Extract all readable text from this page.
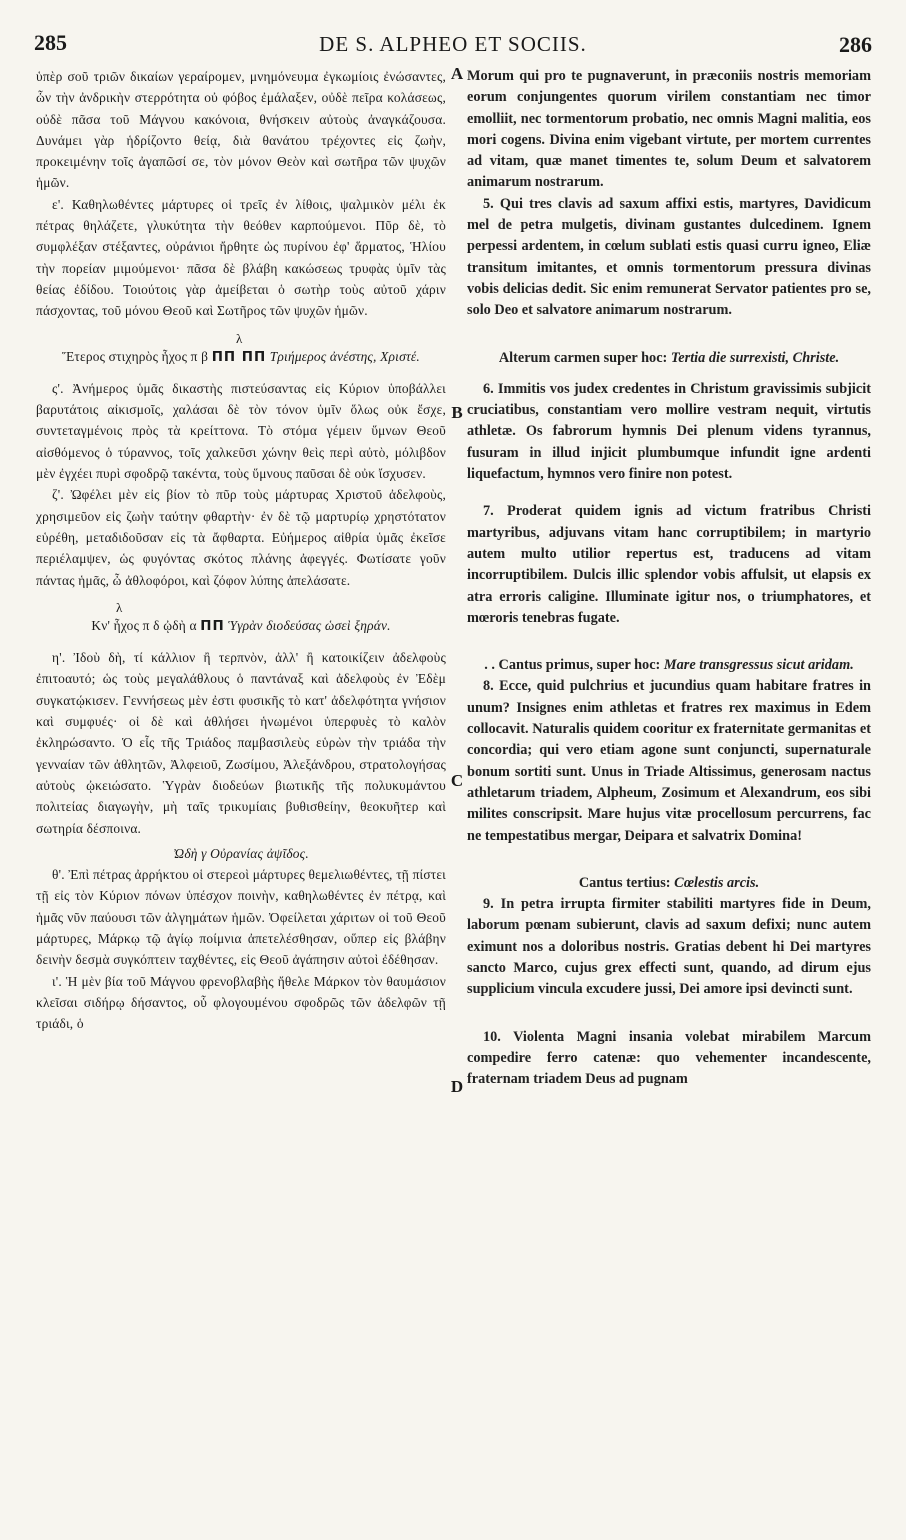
285	DE S. ALPHEO ET SOCIIS.	286
A
B
C
D

ὑπὲρ σοῦ τριῶν δικαίων γεραίρομεν, μνημόνευμα ἐγκωμίοις ἐνώσαντες, ὧν τὴν ἀνδρικὴν στερρότητα οὐ φόβος ἐμάλαξεν, οὐδὲ πεῖρα κολάσεως, οὐδὲ πᾶσα τοῦ Μάγνου κακόνοια, θνήσκειν αὐτοὺς ἀναγκάζουσα. Δυνάμει γὰρ ἡδρίζοντο θείᾳ, διὰ θανάτου τρέχοντες εἰς ζωὴν, προκειμένην τοῖς ἀγαπῶσί σε, τὸν μόνον Θεὸν καὶ σωτῆρα τῶν ψυχῶν ἡμῶν.

ε'. Καθηλωθέντες μάρτυρες οἱ τρεῖς ἐν λίθοις, ψαλμικὸν μέλι ἐκ πέτρας θηλάζετε, γλυκύτητα τὴν θεόθεν καρπούμενοι. Πῦρ δὲ, τὸ συμφλέξαν στέξαντες, οὐράνιοι ἤρθητε ὡς πυρίνου ἐφ' ἅρματος, Ἡλίου τὴν πορείαν μιμούμενοι· πᾶσα δὲ βλάβη κακώσεως τρυφὰς ὑμῖν τὰς θείας ἐδίδου. Τοιούτοις γὰρ ἀμείβεται ὁ σωτὴρ τοὺς αὐτοῦ χάριν πάσχοντας, τοῦ μόνου Θεοῦ καὶ Σωτῆρος τῶν ψυχῶν ἡμῶν.

λ

Ἕτερος στιχηρὸς ἦχος π β ΠΠ ΠΠ Τριήμερος ἀνέστης, Χριστέ.

ς'. Ἀνήμερος ὑμᾶς δικαστὴς πιστεύσαντας εἰς Κύριον ὑποβάλλει βαρυτάτοις αἰκισμοῖς, χαλάσαι δὲ τὸν τόνον ὑμῖν ὅλως οὐκ ἔσχε, συντεταγμένοις πρὸς τὰ κρείττονα. Τὸ στόμα γέμειν ὕμνων Θεοῦ αἰσθόμενος ὁ τύραννος, τοῖς χαλκεῦσι χώνην θεὶς περὶ αὐτὸ, μόλιβδον μὲν ἐγχέει πυρὶ σφοδρῷ τακέντα, τοὺς ὕμνους παῦσαι δὲ οὐκ ἴσχυσεν.

ζ'. Ὠφέλει μὲν εἰς βίον τὸ πῦρ τοὺς μάρτυρας Χριστοῦ ἀδελφοὺς, χρησιμεῦον εἰς ζωὴν ταύτην φθαρτὴν· ἐν δὲ τῷ μαρτυρίῳ χρηστότατον εὑρέθη, μεταδιδοῦσαν εἰς τὰ ἄφθαρτα. Εὐήμερος αἰθρία ὑμᾶς ἐκεῖσε περιέλαμψεν, ὡς φυγόντας σκότος πλάνης ἀφεγγές. Φωτίσατε γοῦν πάντας ἡμᾶς, ὦ ἀθλοφόροι, καὶ ζόφον λύπης ἀπελάσατε.

λ

Κν' ἦχος π δ ᾠδὴ α ΠΠ Ὑγρὰν διοδεύσας ὡσεὶ ξηράν.

η'. Ἰδοὺ δὴ, τί κάλλιον ἢ τερπνὸν, ἀλλ' ἢ κατοικίζειν ἀδελφοὺς ἐπιτοαυτό; ὡς τοὺς μεγαλάθλους ὁ παντάναξ καὶ ἀδελφοὺς ἐν Ἐδὲμ συγκατῴκισεν. Γεννήσεως μὲν ἐστι φυσικῆς τὸ κατ' ἀδελφότητα γνήσιον καὶ συμφυές· οἱ δὲ καὶ ἀθλήσει ἡνωμένοι ὑπερφυὲς τὸ καλὸν ἐκληρώσαντο. Ὁ εἷς τῆς Τριάδος παμβασιλεὺς εὑρὼν τὴν τριάδα τὴν γενναίαν τῶν ἀθλητῶν, Ἀλφειοῦ, Ζωσίμου, Ἀλεξάνδρου, στρατολογήσας αὐτοὺς ᾠκειώσατο. Ὑγρὰν διοδεύων βιωτικῆς τῆς πολυκυμάντου πολιτείας διαγωγὴν, μὴ ταῖς τρικυμίαις βυθισθείην, θεοκυῆτερ καὶ σωτηρία δέσποινα.

Ὠδὴ γ Οὐρανίας ἀψῖδος.

θ'. Ἐπὶ πέτρας ἀρρήκτου οἱ στερεοὶ μάρτυρες θεμελιωθέντες, τῇ πίστει τῇ εἰς τὸν Κύριον πόνων ὑπέσχον ποινὴν, καθηλωθέντες ἐν πέτρᾳ, καὶ ἡμᾶς νῦν παύουσι τῶν ἀλγημάτων ἡμῶν. Ὀφείλεται χάριτων οἱ τοῦ Θεοῦ μάρτυρες, Μάρκῳ τῷ ἁγίῳ ποίμνια ἀπετελέσθησαν, οὕπερ εἰς βλάβην δεινὴν δεσμὰ συγκόπτειν ταχθέντες, εἰς Θεοῦ ἀγάπησιν αὐτοὶ ἐδέθησαν.

ι'. Ἡ μὲν βία τοῦ Μάγνου φρενοβλαβὴς ἤθελε Μάρκον τὸν θαυμάσιον κλεῖσαι σιδήρῳ δήσαντος, οὗ φλογουμένου σφοδρῶς τῶν ἀδελφῶν τῇ τριάδι, ὁ

Morum qui pro te pugnaverunt, in præconiis nostris memoriam eorum conjungentes quorum virilem constantiam nec timor emolliit, nec tormentorum probatio, nec omnis Magni malitia, eos mori cogens. Divina enim vigebant virtute, per mortem currentes ad vitam, quæ manet timentes te, solum Deum et salvatorem animarum nostrarum.

5. Qui tres clavis ad saxum affixi estis, martyres, Davidicum mel de petra mulgetis, divinam gustantes dulcedinem. Ignem perpessi ardentem, in cœlum sublati estis quasi curru igneo, Eliæ transitum imitantes, et omnis tormentorum pressura divinas vobis delicias dedit. Sic enim remunerat Servator patientes pro se, solo Deo et salvatore animarum nostrarum.

Alterum carmen super hoc: Tertia die surrexisti, Christe.

6. Immitis vos judex credentes in Christum gravissimis subjicit cruciatibus, constantiam vero mollire vestram nequit, virtutis athletæ. Os fabrorum hymnis Dei plenum videns tyrannus, fusuram in illud injicit plumbumque infundit igne ardenti liquefactum, hymnos vero finire non potest.

7. Proderat quidem ignis ad victum fratribus Christi martyribus, adjuvans vitam hanc corruptibilem; in martyrio autem multo utilior repertus est, traducens ad vitam incorruptibilem. Dulcis illic splendor vobis affulsit, ut elapsis ex atra erroris caligine. Illuminate igitur nos, o triumphatores, et mœroris tenebras fugate.

. . Cantus primus, super hoc: Mare transgressus sicut aridam.

8. Ecce, quid pulchrius et jucundius quam habitare fratres in unum? Insignes enim athletas et fratres rex maximus in Edem collocavit. Naturalis quidem cooritur ex fraternitate germanitas et concordia; qui vero etiam agone sunt conjuncti, supernaturale bonum sortiti sunt. Unus in Triade Altissimus, generosam nactus athletarum triadem, Alpheum, Zosimum et Alexandrum, eos sibi milites conscripsit. Mare hujus vitæ procellosum percurrens, fac ne tempestatibus mergar, Deipara et salvatrix Domina!

Cantus tertius: Cœlestis arcis.

9. In petra irrupta firmiter stabiliti martyres fide in Deum, laborum pœnam subierunt, clavis ad saxum defixi; nunc autem eximunt nos a doloribus nostris. Gratias debent hi Dei martyres sancto Marco, cujus grex effecti sunt, quando, ad dirum ejus supplicium vincula excudere jussi, Dei amore ipsi devincti sunt.

10. Violenta Magni insania volebat mirabilem Marcum compedire ferro catenæ: quo vehementer incandescente, fraternam triadem Deus ad pugnam
